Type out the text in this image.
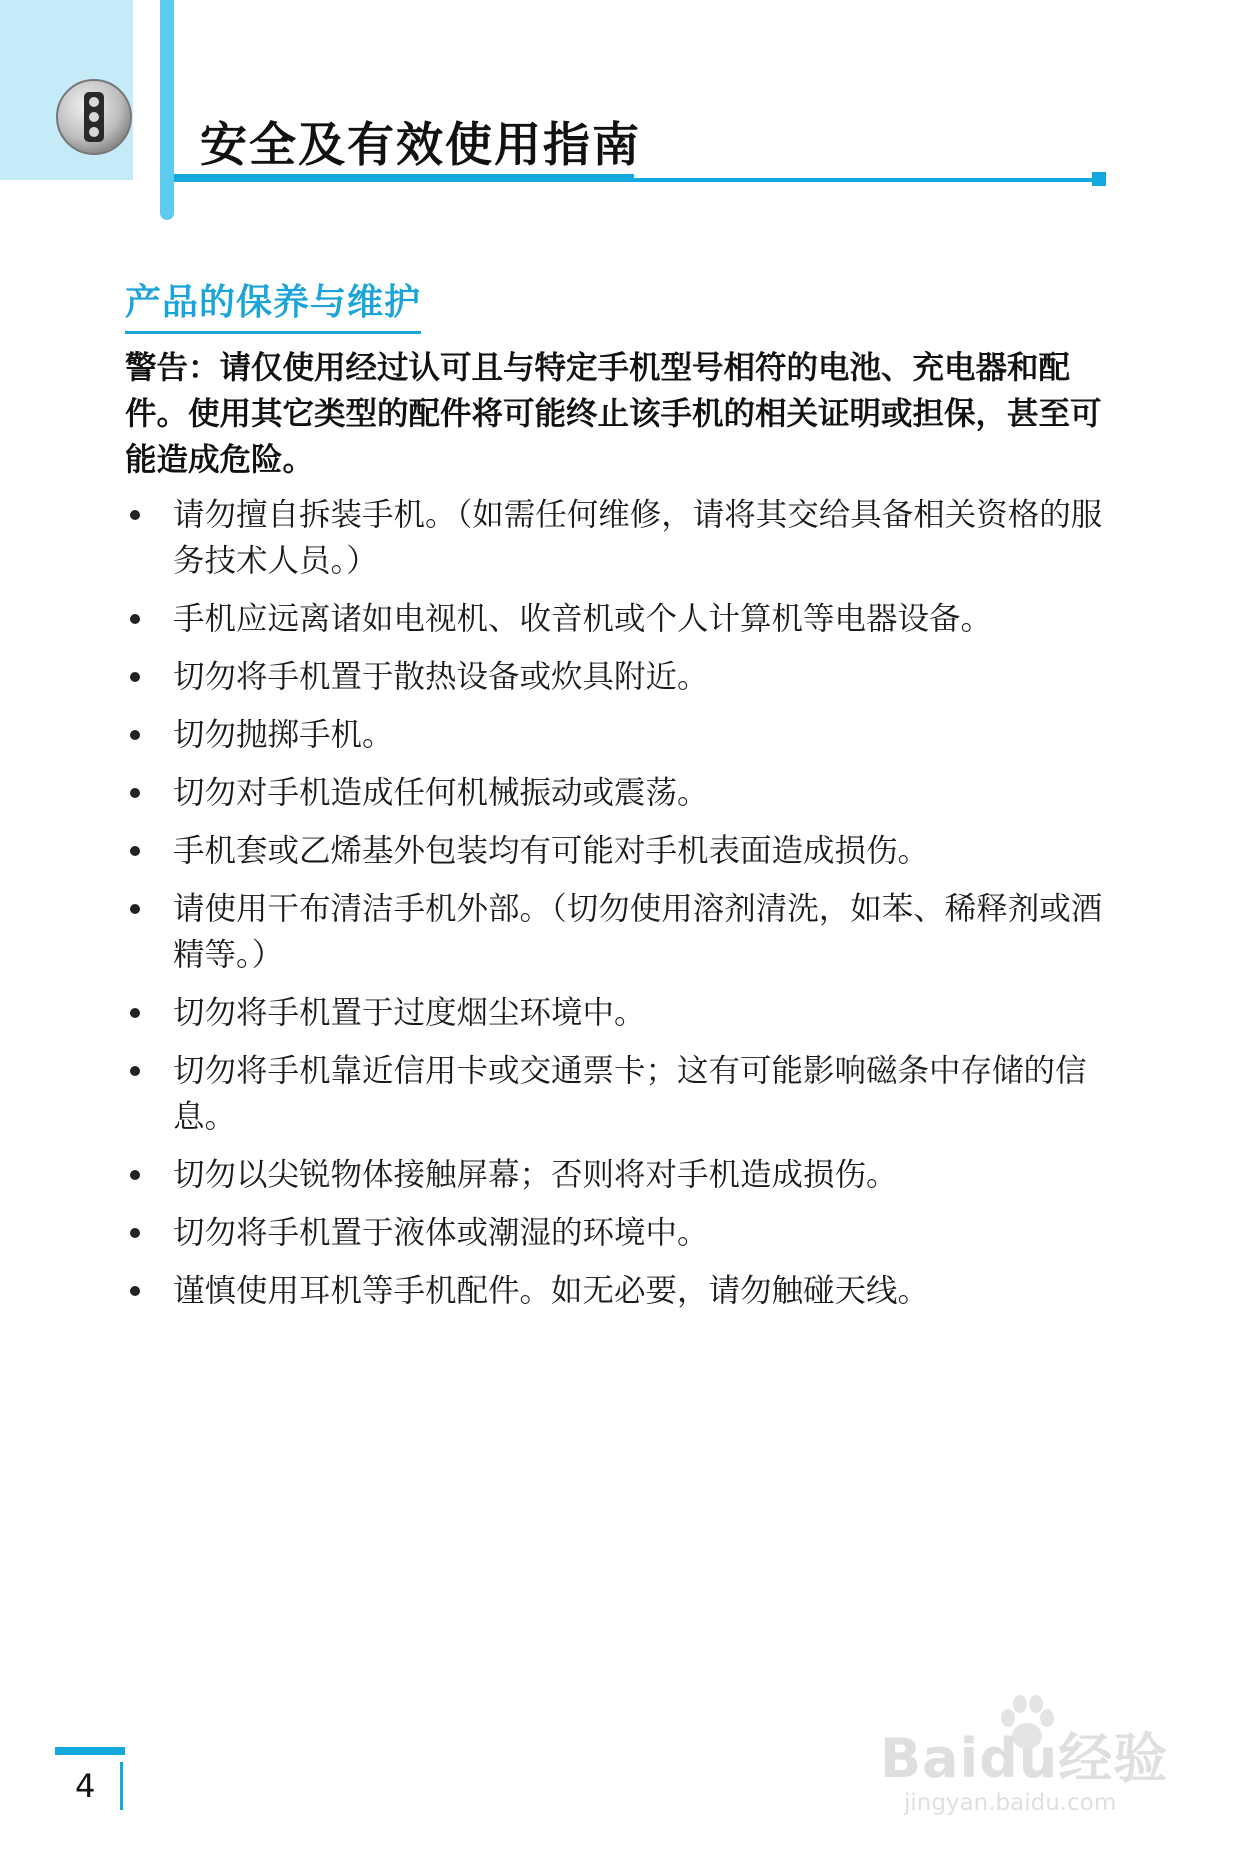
安全及有效使用指南
产品的保养与维护

警告：请仅使用经过认可且与特定手机型号相符的电池、充电器和配件。使用其它类型的配件将可能终止该手机的相关证明或担保，甚至可能造成危险。

请勿擅自拆装手机。（如需任何维修，请将其交给具备相关资格的服务技术人员。）
手机应远离诸如电视机、收音机或个人计算机等电器设备。
切勿将手机置于散热设备或炊具附近。
切勿抛掷手机。
切勿对手机造成任何机械振动或震荡。
手机套或乙烯基外包装均有可能对手机表面造成损伤。
请使用干布清洁手机外部。（切勿使用溶剂清洗，如苯、稀释剂或酒精等。）
切勿将手机置于过度烟尘环境中。
切勿将手机靠近信用卡或交通票卡；这有可能影响磁条中存储的信息。
切勿以尖锐物体接触屏幕；否则将对手机造成损伤。
切勿将手机置于液体或潮湿的环境中。
谨慎使用耳机等手机配件。如无必要，请勿触碰天线。

4	Baidu经验
jingyan.baidu.com
